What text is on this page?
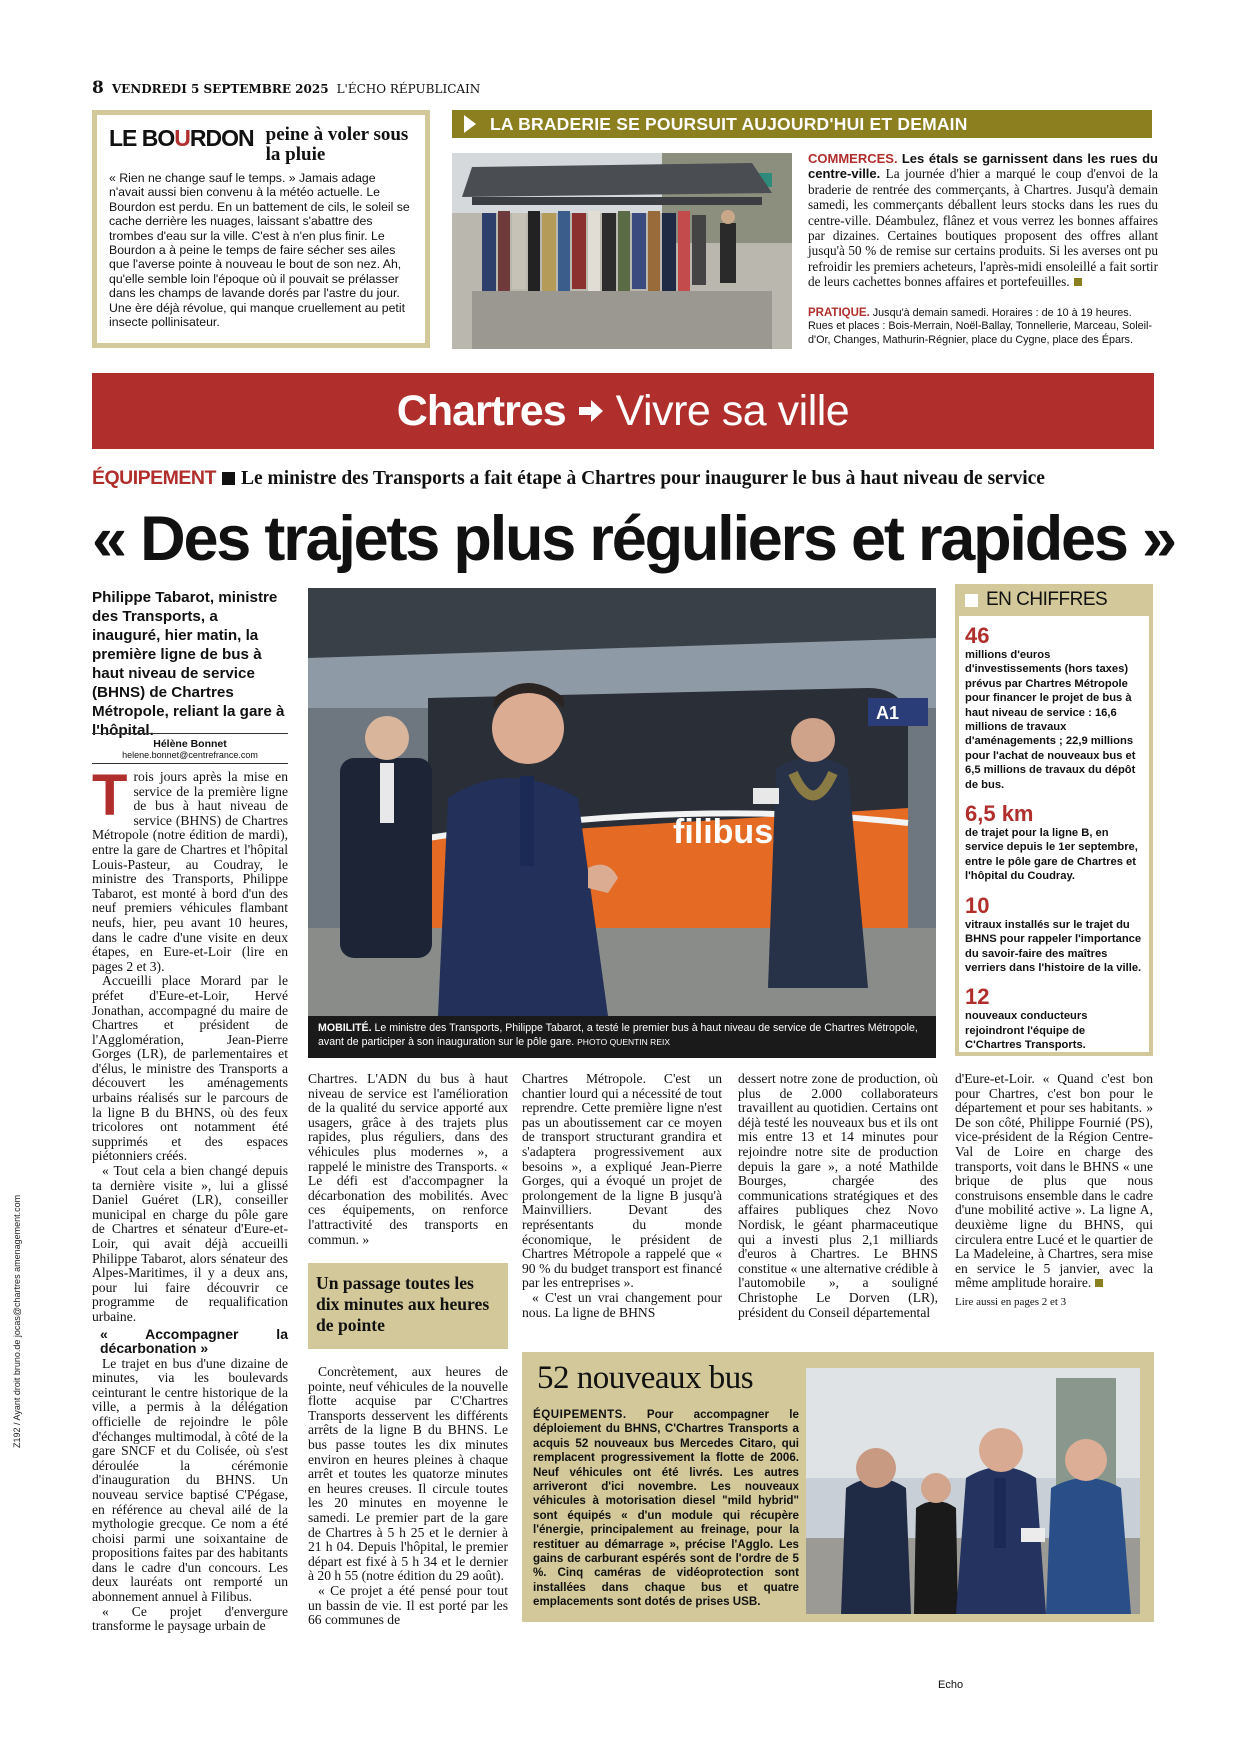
8 VENDREDI 5 SEPTEMBRE 2025 L'ÉCHO RÉPUBLICAIN
LE BOURDON peine à voler sous la pluie
« Rien ne change sauf le temps. » Jamais adage n'avait aussi bien convenu à la météo actuelle. Le Bourdon est perdu. En un battement de cils, le soleil se cache derrière les nuages, laissant s'abattre des trombes d'eau sur la ville. C'est à n'en plus finir. Le Bourdon a à peine le temps de faire sécher ses ailes que l'averse pointe à nouveau le bout de son nez. Ah, qu'elle semble loin l'époque où il pouvait se prélasser dans les champs de lavande dorés par l'astre du jour. Une ère déjà révolue, qui manque cruellement au petit insecte pollinisateur.
LA BRADERIE SE POURSUIT AUJOURD'HUI ET DEMAIN
COMMERCES. Les étals se garnissent dans les rues du centre-ville. La journée d'hier a marqué le coup d'envoi de la braderie de rentrée des commerçants, à Chartres. Jusqu'à demain samedi, les commerçants déballent leurs stocks dans les rues du centre-ville. Déambulez, flânez et vous verrez les bonnes affaires par dizaines. Certaines boutiques proposent des offres allant jusqu'à 50 % de remise sur certains produits. Si les averses ont pu refroidir les premiers acheteurs, l'après-midi ensoleillé a fait sortir de leurs cachettes bonnes affaires et portefeuilles.
PRATIQUE. Jusqu'à demain samedi. Horaires : de 10 à 19 heures. Rues et places : Bois-Merrain, Noël-Ballay, Tonnellerie, Marceau, Soleil-d'Or, Changes, Mathurin-Régnier, place du Cygne, place des Épars.
Chartres Vivre sa ville
ÉQUIPEMENT Le ministre des Transports a fait étape à Chartres pour inaugurer le bus à haut niveau de service
« Des trajets plus réguliers et rapides »
Philippe Tabarot, ministre des Transports, a inauguré, hier matin, la première ligne de bus à haut niveau de service (BHNS) de Chartres Métropole, reliant la gare à l'hôpital.
Hélène Bonnet
helene.bonnet@centrefrance.com

Trois jours après la mise en service de la première ligne de bus à haut niveau de service (BHNS) de Chartres Métropole (notre édition de mardi), entre la gare de Chartres et l'hôpital Louis-Pasteur, au Coudray, le ministre des Transports, Philippe Tabarot, est monté à bord d'un des neuf premiers véhicules flambant neufs, hier, peu avant 10 heures, dans le cadre d'une visite en deux étapes, en Eure-et-Loir (lire en pages 2 et 3).

Accueilli place Morard par le préfet d'Eure-et-Loir, Hervé Jonathan, accompagné du maire de Chartres et président de l'Agglomération, Jean-Pierre Gorges (LR), de parlementaires et d'élus, le ministre des Transports a découvert les aménagements urbains réalisés sur le parcours de la ligne B du BHNS, où des feux tricolores ont notamment été supprimés et des espaces piétonniers créés.

« Tout cela a bien changé depuis ta dernière visite », lui a glissé Daniel Guéret (LR), conseiller municipal en charge du pôle gare de Chartres et sénateur d'Eure-et-Loir, qui avait déjà accueilli Philippe Tabarot, alors sénateur des Alpes-Maritimes, il y a deux ans, pour lui faire découvrir ce programme de requalification urbaine.

« Accompagner la décarbonation »

Le trajet en bus d'une dizaine de minutes, via les boulevards ceinturant le centre historique de la ville, a permis à la délégation officielle de rejoindre le pôle d'échanges multimodal, à côté de la gare SNCF et du Colisée, où s'est déroulée la cérémonie d'inauguration du BHNS. Un nouveau service baptisé C'Pégase, en référence au cheval ailé de la mythologie grecque. Ce nom a été choisi parmi une soixantaine de propositions faites par des habitants dans le cadre d'un concours. Les deux lauréats ont remporté un abonnement annuel à Filibus.

« Ce projet d'envergure transforme le paysage urbain de

filibus
A1
MOBILITÉ. Le ministre des Transports, Philippe Tabarot, a testé le premier bus à haut niveau de service de Chartres Métropole, avant de participer à son inauguration sur le pôle gare. PHOTO QUENTIN REIX
EN CHIFFRES
46
millions d'euros d'investissements (hors taxes) prévus par Chartres Métropole pour financer le projet de bus à haut niveau de service : 16,6 millions de travaux d'aménagements ; 22,9 millions pour l'achat de nouveaux bus et 6,5 millions de travaux du dépôt de bus.
6,5 km
de trajet pour la ligne B, en service depuis le 1er septembre, entre le pôle gare de Chartres et l'hôpital du Coudray.
10
vitraux installés sur le trajet du BHNS pour rappeler l'importance du savoir-faire des maîtres verriers dans l'histoire de la ville.
12
nouveaux conducteurs rejoindront l'équipe de C'Chartres Transports.

Chartres. L'ADN du bus à haut niveau de service est l'amélioration de la qualité du service apporté aux usagers, grâce à des trajets plus rapides, plus réguliers, dans des véhicules plus modernes », a rappelé le ministre des Transports. « Le défi est d'accompagner la décarbonation des mobilités. Avec ces équipements, on renforce l'attractivité des transports en commun. »

Un passage toutes les dix minutes aux heures de pointe

Concrètement, aux heures de pointe, neuf véhicules de la nouvelle flotte acquise par C'Chartres Transports desservent les différents arrêts de la ligne B du BHNS. Le bus passe toutes les dix minutes environ en heures pleines à chaque arrêt et toutes les quatorze minutes en heures creuses. Il circule toutes les 20 minutes en moyenne le samedi. Le premier part de la gare de Chartres à 5 h 25 et le dernier à 21 h 04. Depuis l'hôpital, le premier départ est fixé à 5 h 34 et le dernier à 20 h 55 (notre édition du 29 août).

« Ce projet a été pensé pour tout un bassin de vie. Il est porté par les 66 communes de

Chartres Métropole. C'est un chantier lourd qui a nécessité de tout reprendre. Cette première ligne n'est pas un aboutissement car ce moyen de transport structurant grandira et s'adaptera progressivement aux besoins », a expliqué Jean-Pierre Gorges, qui a évoqué un projet de prolongement de la ligne B jusqu'à Mainvilliers. Devant des représentants du monde économique, le président de Chartres Métropole a rappelé que « 90 % du budget transport est financé par les entreprises ».

« C'est un vrai changement pour nous. La ligne de BHNS

dessert notre zone de production, où plus de 2.000 collaborateurs travaillent au quotidien. Certains ont déjà testé les nouveaux bus et ils ont mis entre 13 et 14 minutes pour rejoindre notre site de production depuis la gare », a noté Mathilde Bourges, chargée des communications stratégiques et des affaires publiques chez Novo Nordisk, le géant pharmaceutique qui a investi plus 2,1 milliards d'euros à Chartres. Le BHNS constitue « une alternative crédible à l'automobile », a souligné Christophe Le Dorven (LR), président du Conseil départemental

d'Eure-et-Loir. « Quand c'est bon pour Chartres, c'est bon pour le département et pour ses habitants. » De son côté, Philippe Fournié (PS), vice-président de la Région Centre-Val de Loire en charge des transports, voit dans le BHNS « une brique de plus que nous construisons ensemble dans le cadre d'une mobilité active ». La ligne A, deuxième ligne du BHNS, qui circulera entre Lucé et le quartier de La Madeleine, à Chartres, sera mise en service le 5 janvier, avec la même amplitude horaire.

Lire aussi en pages 2 et 3

52 nouveaux bus
ÉQUIPEMENTS. Pour accompagner le déploiement du BHNS, C'Chartres Transports a acquis 52 nouveaux bus Mercedes Citaro, qui remplacent progressivement la flotte de 2006. Neuf véhicules ont été livrés. Les autres arriveront d'ici novembre. Les nouveaux véhicules à motorisation diesel "mild hybrid" sont équipés « d'un module qui récupère l'énergie, principalement au freinage, pour la restituer au démarrage », précise l'Agglo. Les gains de carburant espérés sont de l'ordre de 5 %. Cinq caméras de vidéoprotection sont installées dans chaque bus et quatre emplacements sont dotés de prises USB.
Z192 / Ayant droit bruno.de jocas@chartres amenagement.com
Echo
